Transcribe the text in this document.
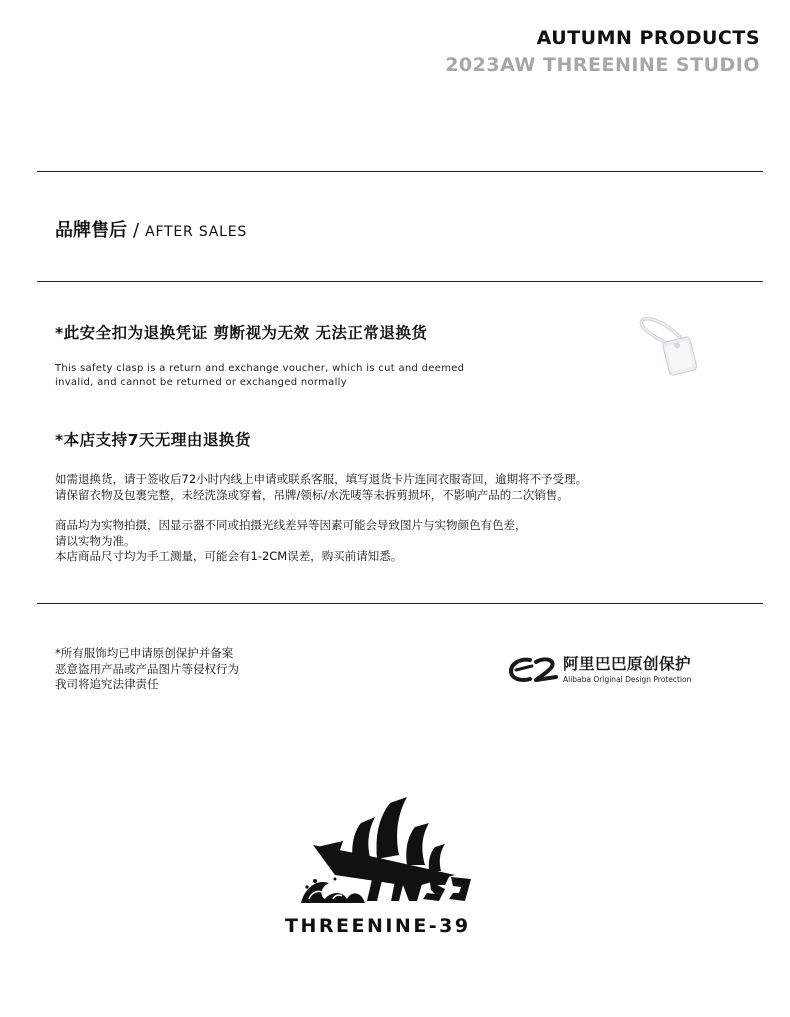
AUTUMN PRODUCTS
2023AW THREENINE STUDIO
品牌售后 / AFTER SALES
*此安全扣为退换凭证 剪断视为无效 无法正常退换货
This safety clasp is a return and exchange voucher, which is cut and deemed invalid, and cannot be returned or exchanged normally
*本店支持7天无理由退换货
如需退换货，请于签收后72小时内线上申请或联系客服，填写退货卡片连同衣服寄回，逾期将不予受理。
请保留衣物及包裹完整，未经洗涤或穿着，吊牌/领标/水洗唛等未拆剪损坏，不影响产品的二次销售。
商品均为实物拍摄，因显示器不同或拍摄光线差异等因素可能会导致图片与实物颜色有色差，
请以实物为准。
本店商品尺寸均为手工测量，可能会有1-2CM误差，购买前请知悉。
*所有服饰均已申请原创保护并备案
恶意盗用产品或产品图片等侵权行为
我司将追究法律责任
阿里巴巴原创保护
Alibaba Original Design Protection
THREENINE-39
